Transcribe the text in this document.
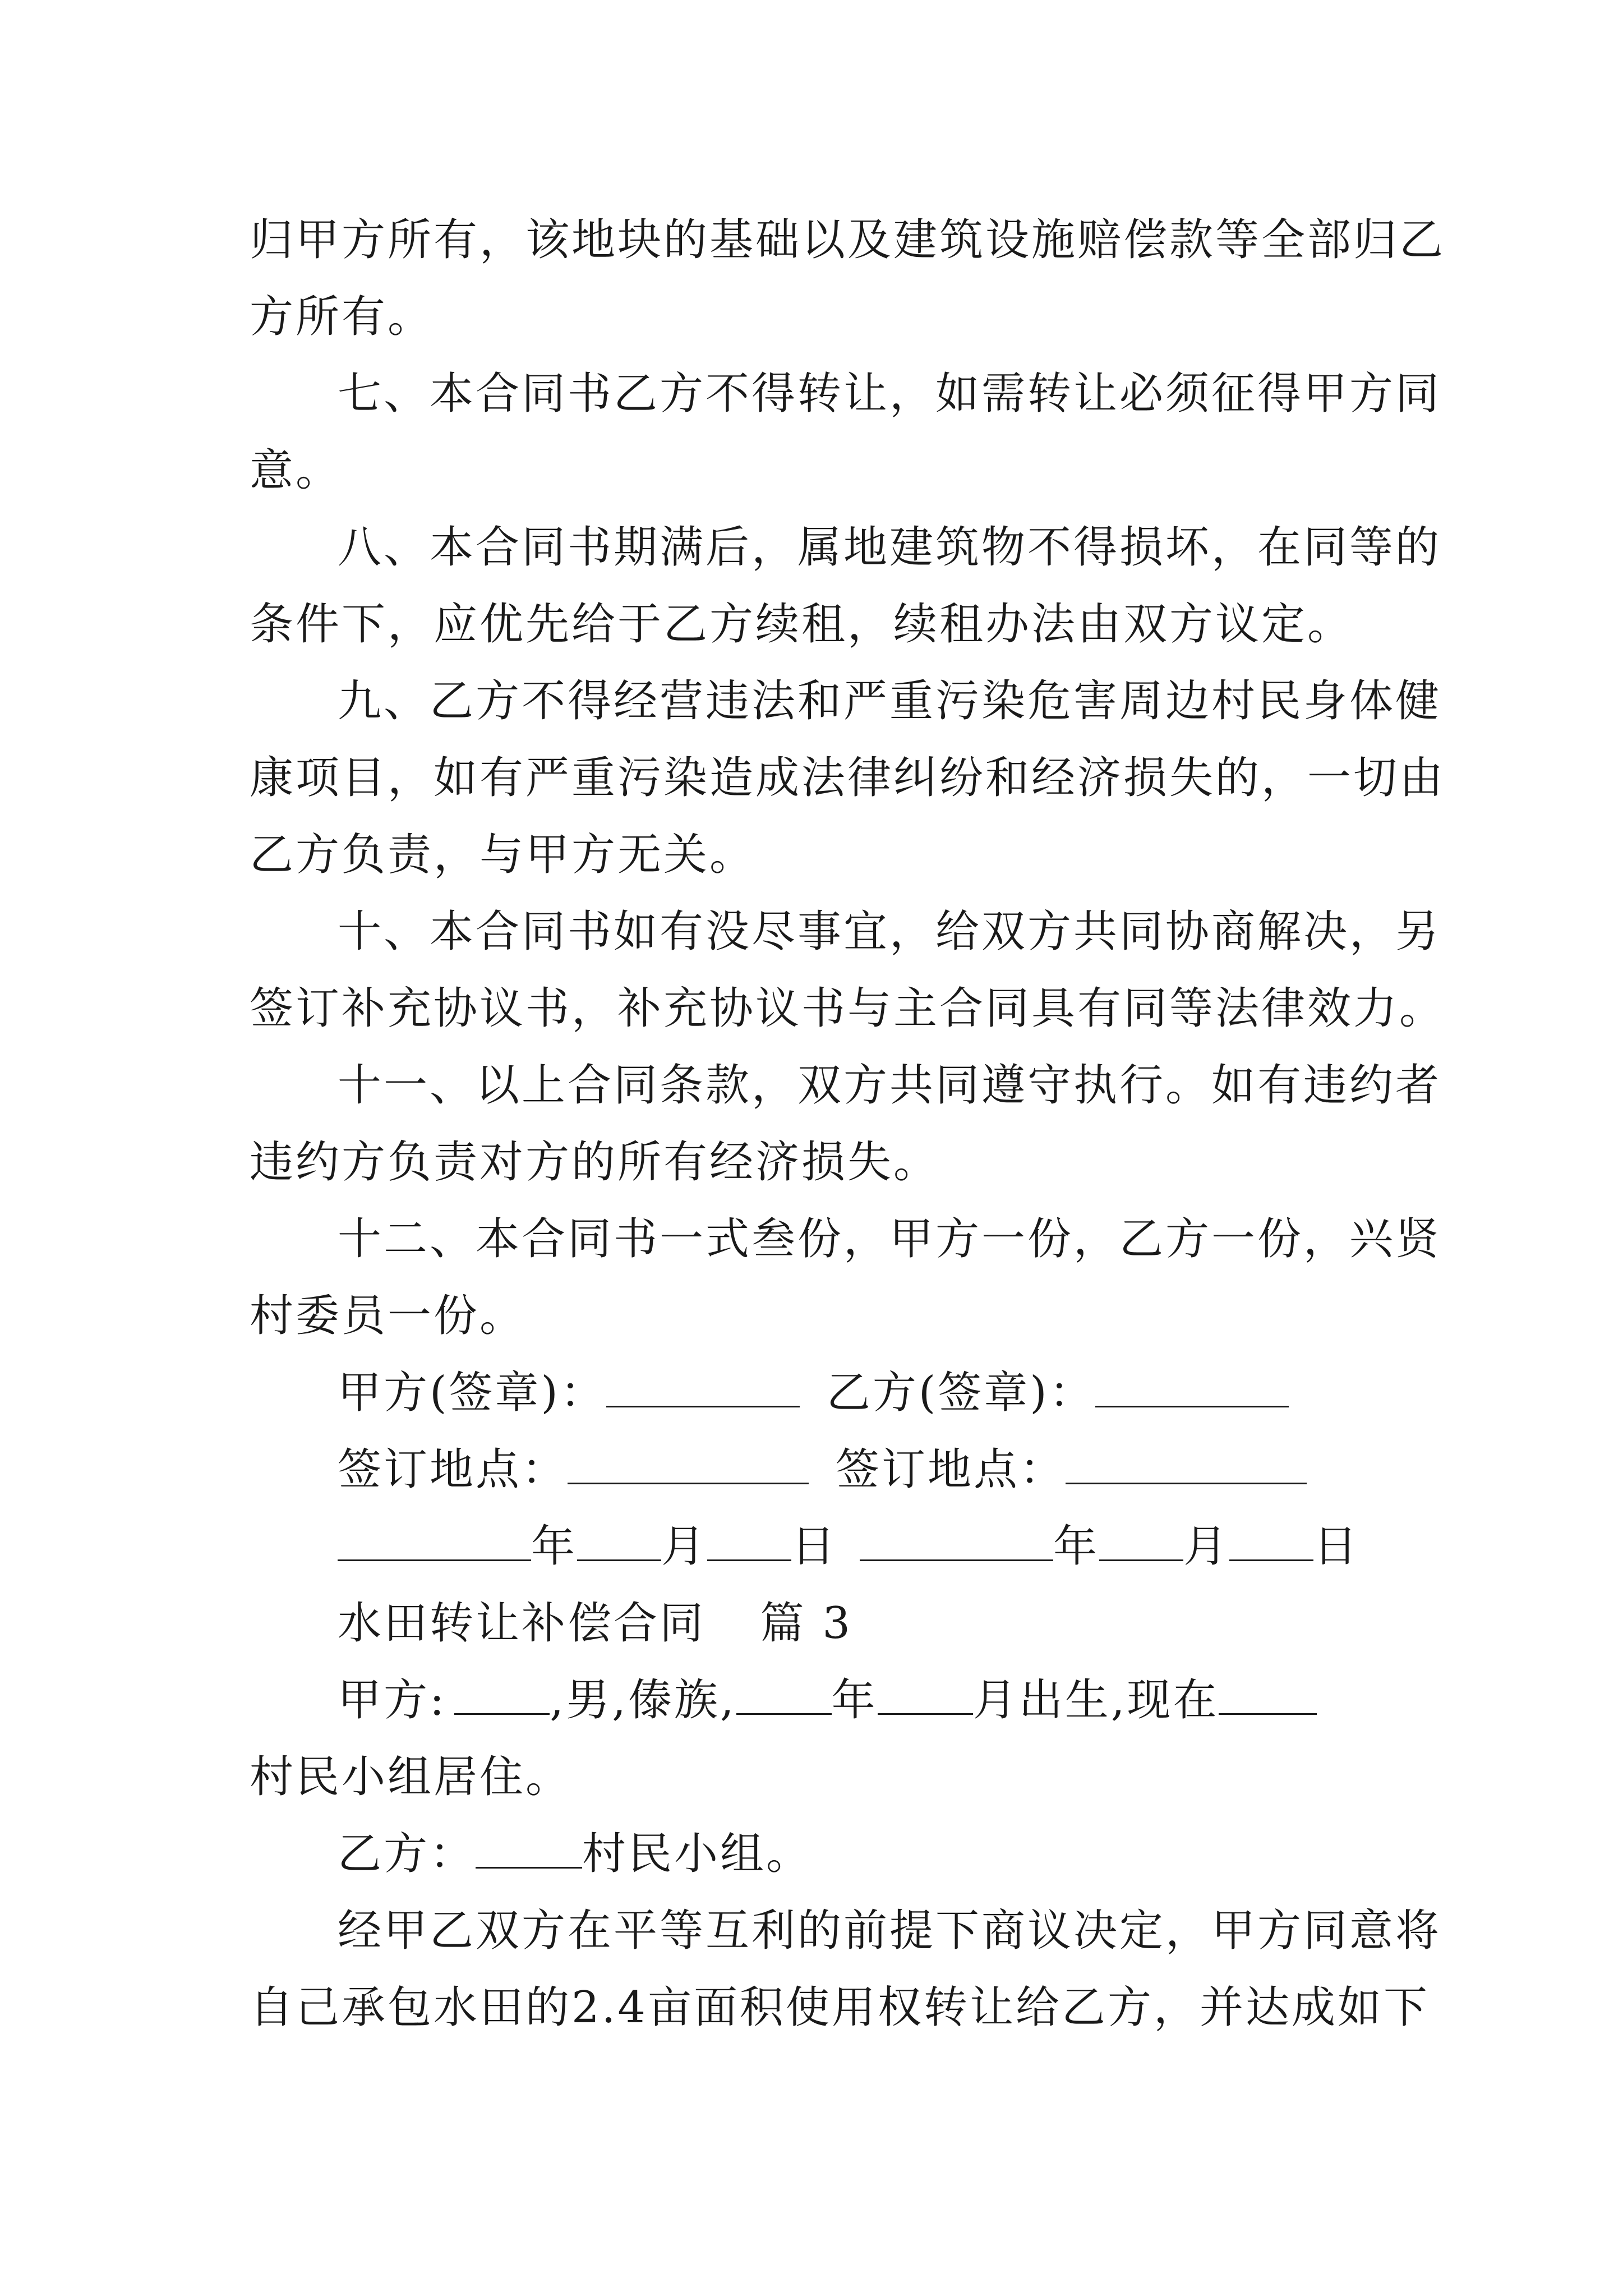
归甲方所有，该地块的基础以及建筑设施赔偿款等全部归乙
方所有。
七、本合同书乙方不得转让，如需转让必须征得甲方同
意。
八、本合同书期满后，属地建筑物不得损坏，在同等的
条件下，应优先给于乙方续租，续租办法由双方议定。
九、乙方不得经营违法和严重污染危害周边村民身体健
康项目，如有严重污染造成法律纠纷和经济损失的，一切由
乙方负责，与甲方无关。
十、本合同书如有没尽事宜，给双方共同协商解决，另
签订补充协议书，补充协议书与主合同具有同等法律效力。
十一、以上合同条款，双方共同遵守执行。如有违约者
违约方负责对方的所有经济损失。
十二、本合同书一式叁份，甲方一份，乙方一份，兴贤
村委员一份。
甲方(签章)：	乙方(签章)：
签订地点：	签订地点：
年 月 日	年 月 日
水田转让补偿合同 篇 3
甲方: ,男,傣族, 年 月出生,现在
村民小组居住。
乙方： 村民小组。
经甲乙双方在平等互利的前提下商议决定，甲方同意将
自己承包水田的2.4亩面积使用权转让给乙方，并达成如下
